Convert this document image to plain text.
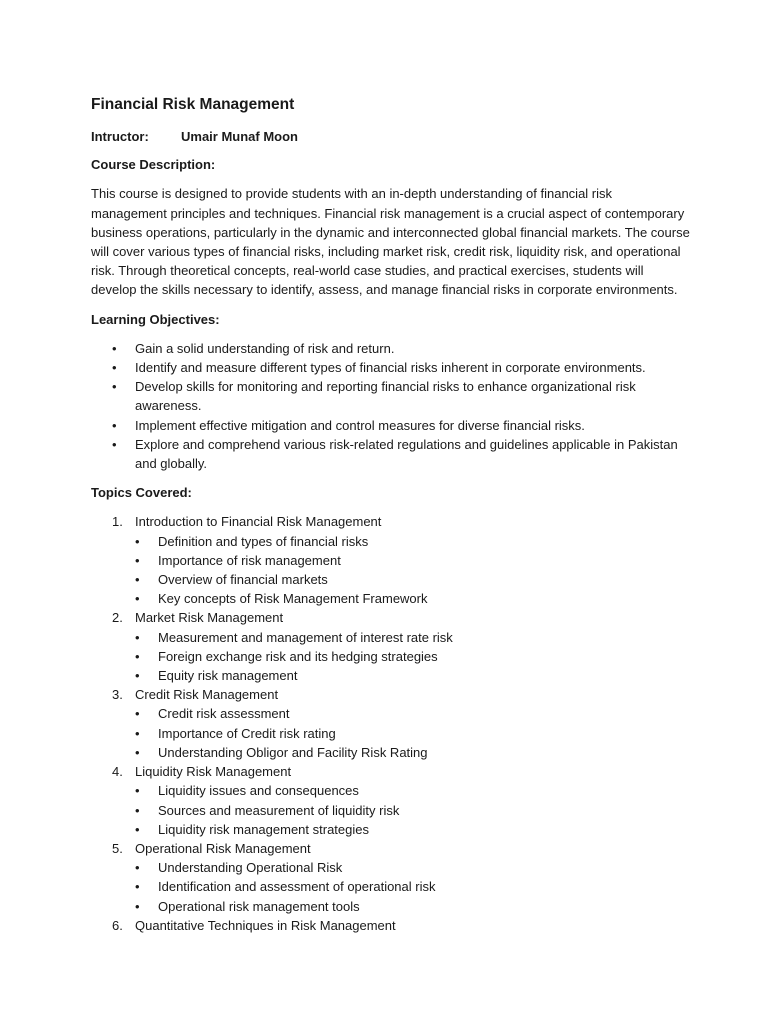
Financial Risk Management
Intructor:	Umair Munaf Moon
Course Description:
This course is designed to provide students with an in-depth understanding of financial risk management principles and techniques. Financial risk management is a crucial aspect of contemporary business operations, particularly in the dynamic and interconnected global financial markets. The course will cover various types of financial risks, including market risk, credit risk, liquidity risk, and operational risk. Through theoretical concepts, real-world case studies, and practical exercises, students will develop the skills necessary to identify, assess, and manage financial risks in corporate environments.
Learning Objectives:
• Gain a solid understanding of risk and return.
• Identify and measure different types of financial risks inherent in corporate environments.
• Develop skills for monitoring and reporting financial risks to enhance organizational risk awareness.
• Implement effective mitigation and control measures for diverse financial risks.
• Explore and comprehend various risk-related regulations and guidelines applicable in Pakistan and globally.
Topics Covered:
1. Introduction to Financial Risk Management
• Definition and types of financial risks
• Importance of risk management
• Overview of financial markets
• Key concepts of Risk Management Framework
2. Market Risk Management
• Measurement and management of interest rate risk
• Foreign exchange risk and its hedging strategies
• Equity risk management
3. Credit Risk Management
• Credit risk assessment
• Importance of Credit risk rating
• Understanding Obligor and Facility Risk Rating
4. Liquidity Risk Management
• Liquidity issues and consequences
• Sources and measurement of liquidity risk
• Liquidity risk management strategies
5. Operational Risk Management
• Understanding Operational Risk
• Identification and assessment of operational risk
• Operational risk management tools
6. Quantitative Techniques in Risk Management
